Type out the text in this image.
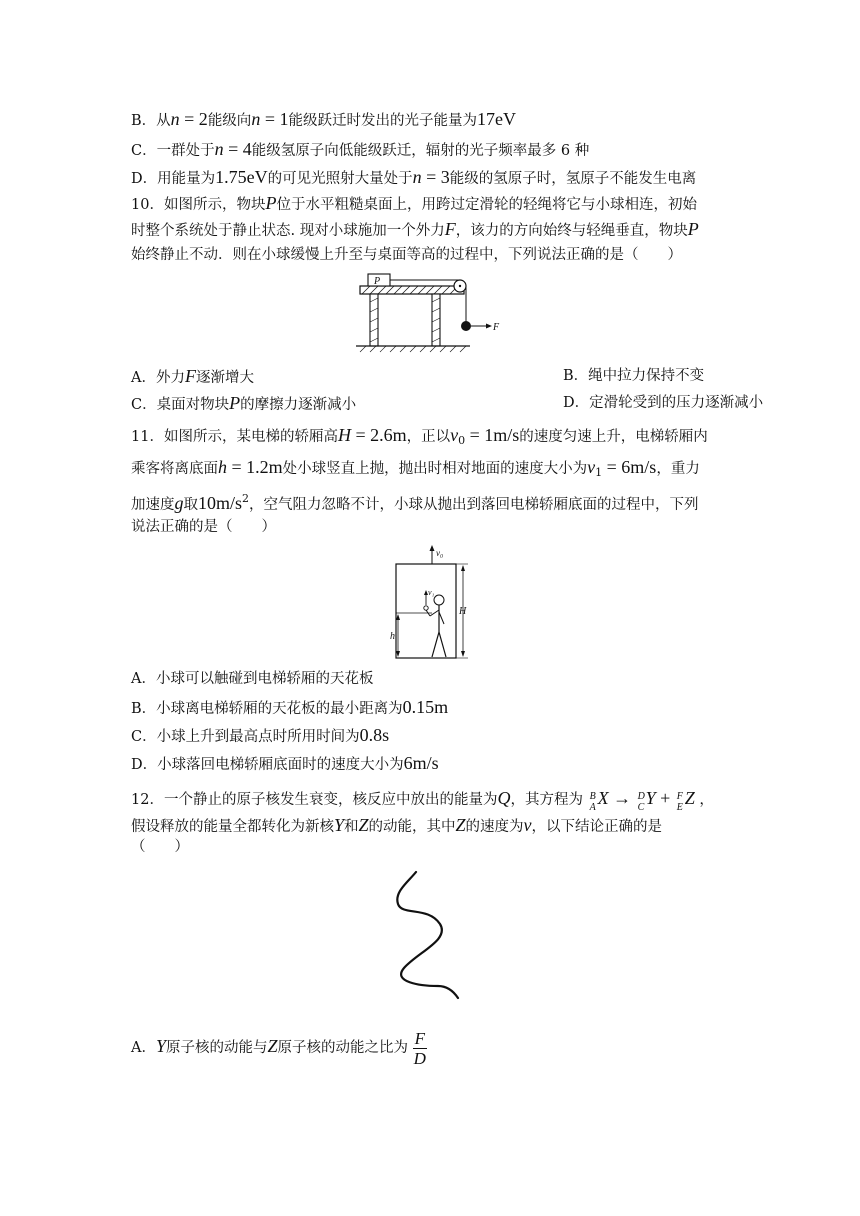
B．从n = 2能级向n = 1能级跃迁时发出的光子能量为17eV
C．一群处于n = 4能级氢原子向低能级跃迁，辐射的光子频率最多 6 种
D．用能量为1.75eV的可见光照射大量处于n = 3能级的氢原子时，氢原子不能发生电离
10．如图所示，物块P位于水平粗糙桌面上，用跨过定滑轮的轻绳将它与小球相连，初始
时整个系统处于静止状态. 现对小球施加一个外力F，该力的方向始终与轻绳垂直，物块P
始终静止不动．则在小球缓慢上升至与桌面等高的过程中，下列说法正确的是（　　）
P
F
A．外力F逐渐增大	B．绳中拉力保持不变
C．桌面对物块P的摩擦力逐渐减小	D．定滑轮受到的压力逐渐减小
11．如图所示，某电梯的轿厢高H = 2.6m，正以$v_0 = 1m/s$的速度匀速上升，电梯轿厢内
乘客将离底面h = 1.2m处小球竖直上抛，抛出时相对地面的速度大小为$v_1 = 6m/s$，重力
加速度g取$10m/s^2$，空气阻力忽略不计，小球从抛出到落回电梯轿厢底面的过程中，下列
说法正确的是（　　）
v₀
H
h
v₁
A．小球可以触碰到电梯轿厢的天花板
B．小球离电梯轿厢的天花板的最小距离为0.15m
C．小球上升到最高点时所用时间为0.8s
D．小球落回电梯轿厢底面时的速度大小为6m/s
12．一个静止的原子核发生衰变，核反应中放出的能量为Q，其方程为 B
A X → D
C Y + F
E Z ，
假设释放的能量全都转化为新核Y和Z的动能，其中Z的速度为v，以下结论正确的是
（　　）
A．Y原子核的动能与Z原子核的动能之比为 $\frac{F}{D}$
